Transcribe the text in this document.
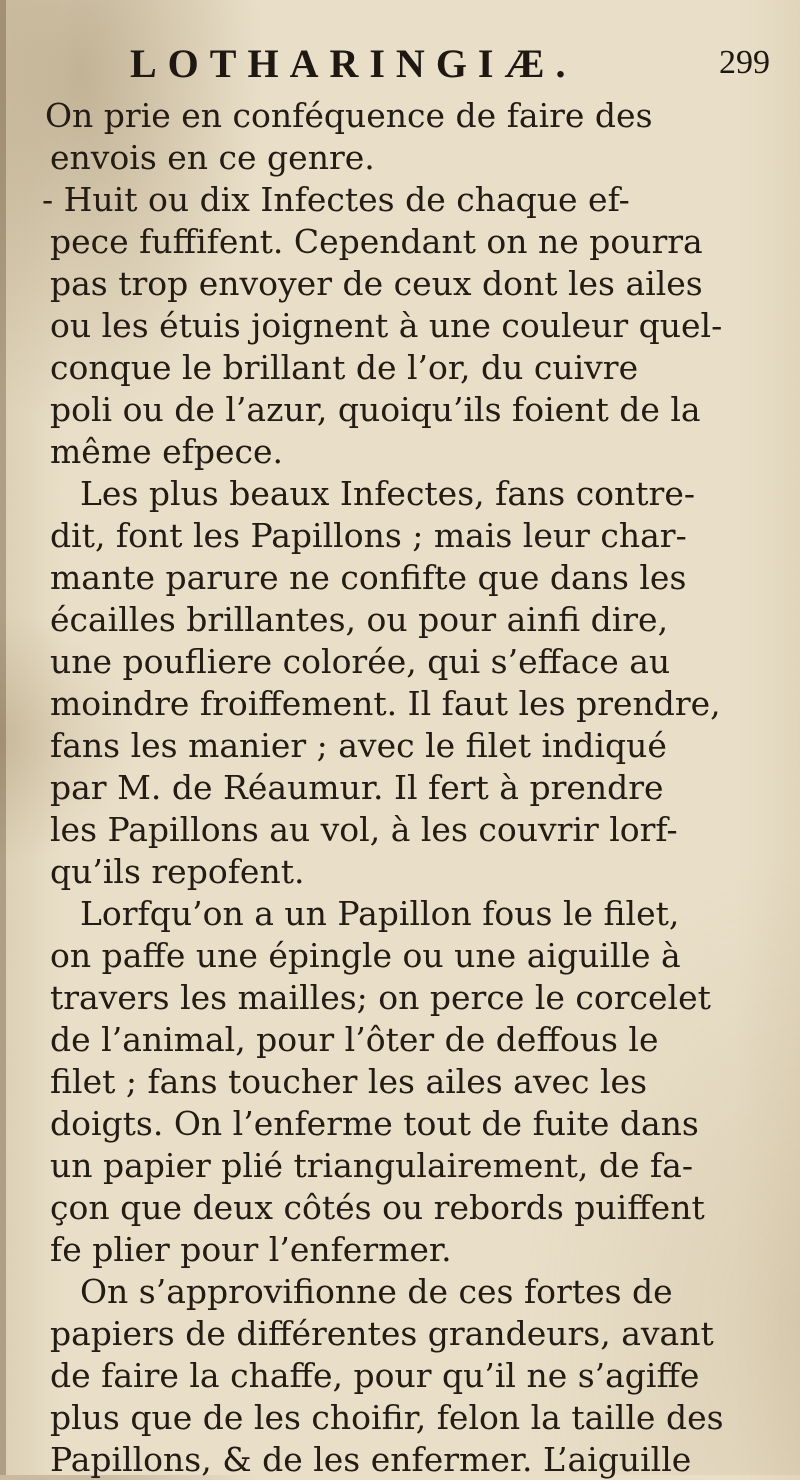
LOTHARINGIÆ.	299
On prie en conféquence de faire des
envois en ce genre.
- Huit ou dix Infectes de chaque ef-
pece fuffifent. Cependant on ne pourra
pas trop envoyer de ceux dont les ailes
ou les étuis joignent à une couleur quel-
conque le brillant de l’or, du cuivre
poli ou de l’azur, quoiqu’ils foient de la
même efpece.
Les plus beaux Infectes, fans contre-
dit, font les Papillons ; mais leur char-
mante parure ne confifte que dans les
écailles brillantes, ou pour ainfi dire,
une poufliere colorée, qui s’efface au
moindre froiffement. Il faut les prendre,
fans les manier ; avec le filet indiqué
par M. de Réaumur. Il fert à prendre
les Papillons au vol, à les couvrir lorf-
qu’ils repofent.
Lorfqu’on a un Papillon fous le filet,
on paffe une épingle ou une aiguille à
travers les mailles; on perce le corcelet
de l’animal, pour l’ôter de deffous le
filet ; fans toucher les ailes avec les
doigts. On l’enferme tout de fuite dans
un papier plié triangulairement, de fa-
çon que deux côtés ou rebords puiffent
fe plier pour l’enfermer.
On s’approvifionne de ces fortes de
papiers de différentes grandeurs, avant
de faire la chaffe, pour qu’il ne s’agiffe
plus que de les choifir, felon la taille des
Papillons, & de les enfermer. L’aiguille
